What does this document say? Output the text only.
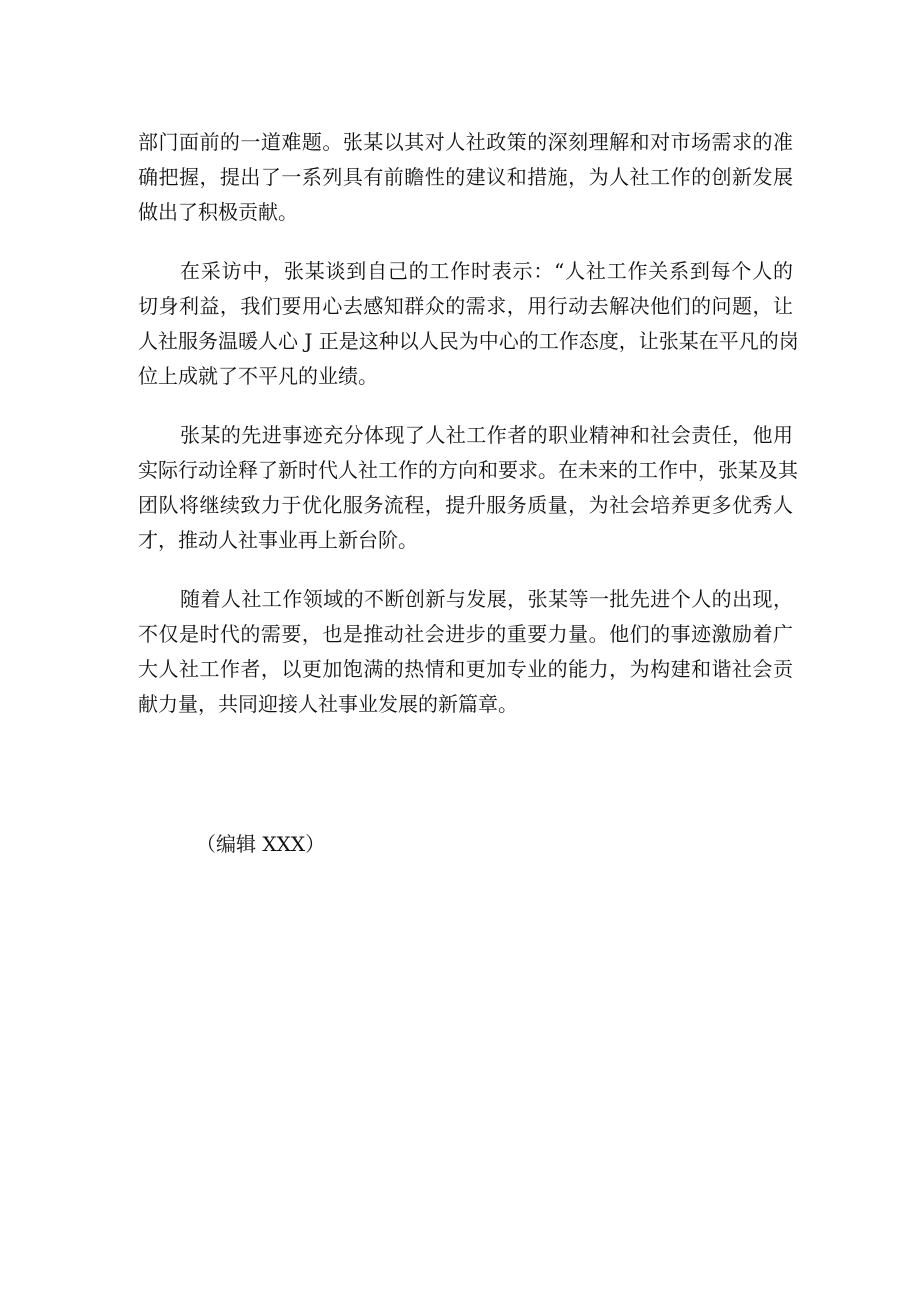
部门面前的一道难题。张某以其对人社政策的深刻理解和对市场需求的准
确把握，提出了一系列具有前瞻性的建议和措施，为人社工作的创新发展
做出了积极贡献。

在采访中，张某谈到自己的工作时表示：“人社工作关系到每个人的
切身利益，我们要用心去感知群众的需求，用行动去解决他们的问题，让
人社服务温暖人心 J 正是这种以人民为中心的工作态度，让张某在平凡的岗
位上成就了不平凡的业绩。

张某的先进事迹充分体现了人社工作者的职业精神和社会责任，他用
实际行动诠释了新时代人社工作的方向和要求。在未来的工作中，张某及其
团队将继续致力于优化服务流程，提升服务质量，为社会培养更多优秀人
才，推动人社事业再上新台阶。

随着人社工作领域的不断创新与发展，张某等一批先进个人的出现，
不仅是时代的需要，也是推动社会进步的重要力量。他们的事迹激励着广
大人社工作者，以更加饱满的热情和更加专业的能力，为构建和谐社会贡
献力量，共同迎接人社事业发展的新篇章。

（编辑 XXX）
